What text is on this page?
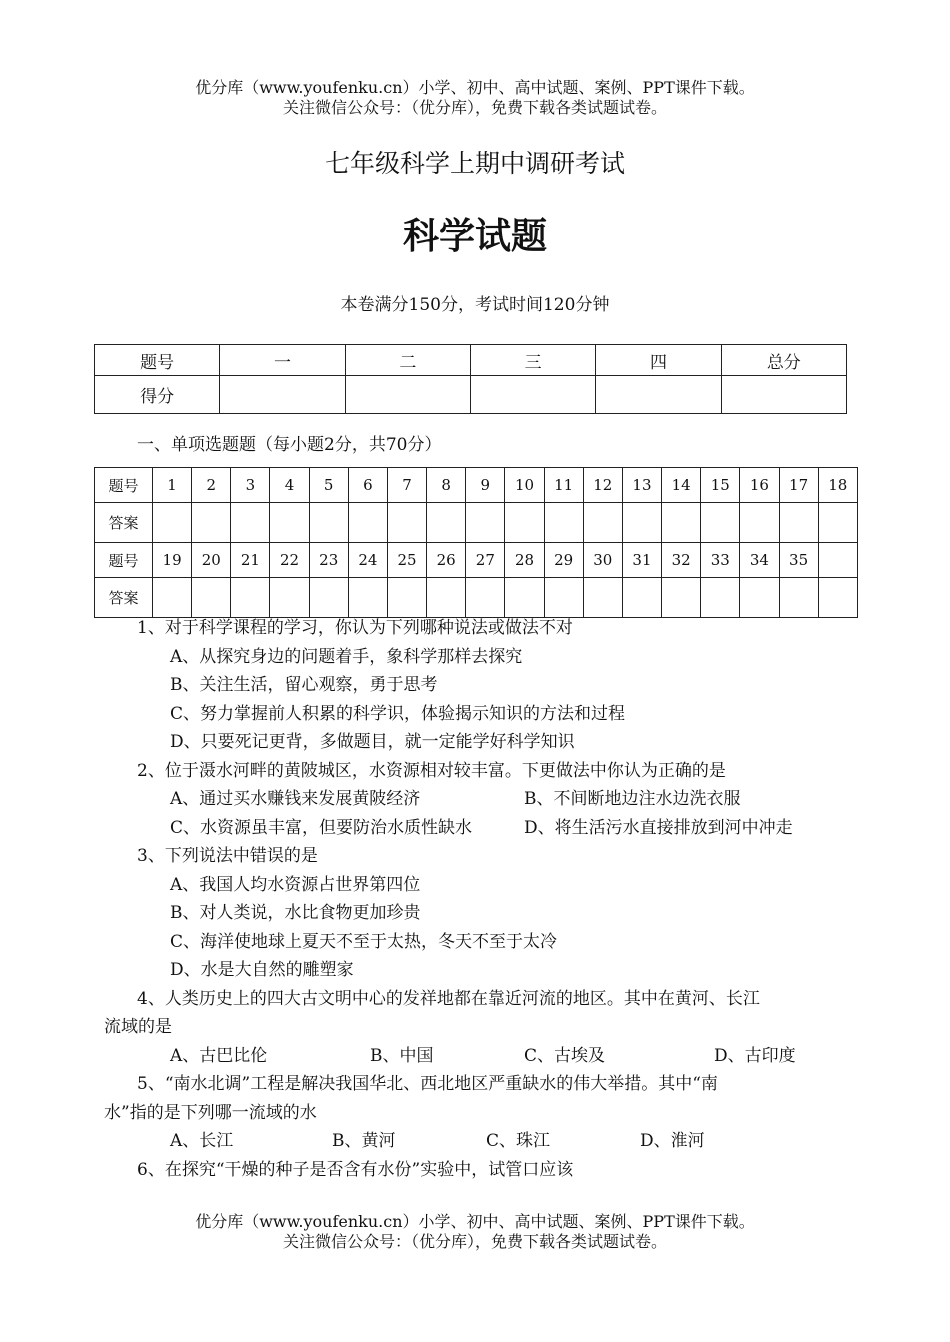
优分库（www.youfenku.cn）小学、初中、高中试题、案例、PPT课件下载。
关注微信公众号：（优分库），免费下载各类试题试卷。
七年级科学上期中调研考试
科学试题
本卷满分150分，考试时间120分钟
题号	一	二	三	四	总分
得分					
一、单项选题题（每小题2分，共70分）
题号	1	2	3	4	5	6	7	8	9	10	11	12	13	14	15	16	17	18
答案																		
题号	19	20	21	22	23	24	25	26	27	28	29	30	31	32	33	34	35	
答案																		
1、对于科学课程的学习，你认为下列哪种说法或做法不对
A、从探究身边的问题着手，象科学那样去探究
B、关注生活，留心观察，勇于思考
C、努力掌握前人积累的科学识，体验揭示知识的方法和过程
D、只要死记更背，多做题目，就一定能学好科学知识
2、位于滠水河畔的黄陂城区，水资源相对较丰富。下更做法中你认为正确的是
A、通过买水赚钱来发展黄陂经济	B、不间断地边注水边洗衣服
C、水资源虽丰富，但要防治水质性缺水	D、将生活污水直接排放到河中冲走
3、下列说法中错误的是
A、我国人均水资源占世界第四位
B、对人类说，水比食物更加珍贵
C、海洋使地球上夏天不至于太热，冬天不至于太冷
D、水是大自然的雕塑家
4、人类历史上的四大古文明中心的发祥地都在靠近河流的地区。其中在黄河、长江
流域的是
A、古巴比伦	B、中国	C、古埃及	D、古印度
5、“南水北调”工程是解决我国华北、西北地区严重缺水的伟大举措。其中“南
水”指的是下列哪一流域的水
A、长江	B、黄河	C、珠江	D、淮河
6、在探究“干燥的种子是否含有水份”实验中，试管口应该
优分库（www.youfenku.cn）小学、初中、高中试题、案例、PPT课件下载。
关注微信公众号：（优分库），免费下载各类试题试卷。
